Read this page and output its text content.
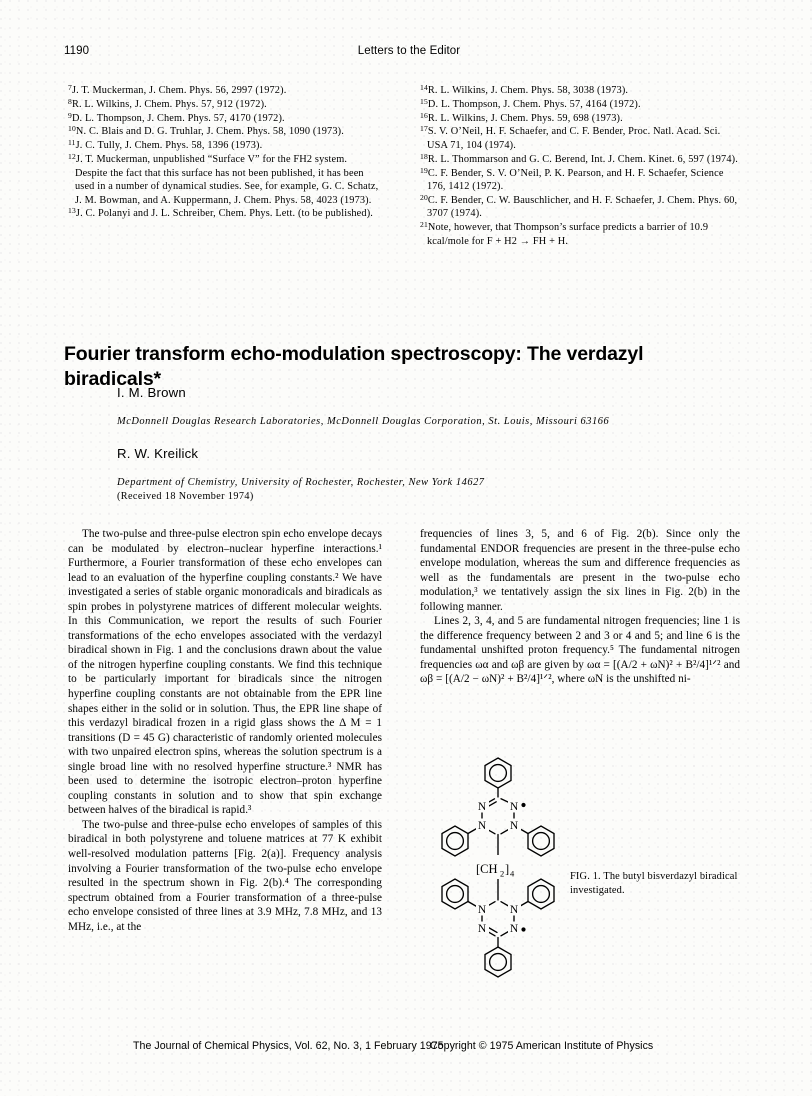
1190	Letters to the Editor
$^7$J. T. Muckerman, J. Chem. Phys. 56, 2997 (1972).
$^8$R. L. Wilkins, J. Chem. Phys. 57, 912 (1972).
$^9$D. L. Thompson, J. Chem. Phys. 57, 4170 (1972).
$^{10}$N. C. Blais and D. G. Truhlar, J. Chem. Phys. 58, 1090 (1973).
$^{11}$J. C. Tully, J. Chem. Phys. 58, 1396 (1973).
$^{12}$J. T. Muckerman, unpublished “Surface V” for the FH2 system. Despite the fact that this surface has not been published, it has been used in a number of dynamical studies. See, for example, G. C. Schatz, J. M. Bowman, and A. Kuppermann, J. Chem. Phys. 58, 4023 (1973).
$^{13}$J. C. Polanyi and J. L. Schreiber, Chem. Phys. Lett. (to be published).
$^{14}$R. L. Wilkins, J. Chem. Phys. 58, 3038 (1973).
$^{15}$D. L. Thompson, J. Chem. Phys. 57, 4164 (1972).
$^{16}$R. L. Wilkins, J. Chem. Phys. 59, 698 (1973).
$^{17}$S. V. O’Neil, H. F. Schaefer, and C. F. Bender, Proc. Natl. Acad. Sci. USA 71, 104 (1974).
$^{18}$R. L. Thommarson and G. C. Berend, Int. J. Chem. Kinet. 6, 597 (1974).
$^{19}$C. F. Bender, S. V. O’Neil, P. K. Pearson, and H. F. Schaefer, Science 176, 1412 (1972).
$^{20}$C. F. Bender, C. W. Bauschlicher, and H. F. Schaefer, J. Chem. Phys. 60, 3707 (1974).
$^{21}$Note, however, that Thompson’s surface predicts a barrier of 10.9 kcal/mole for F + H2 → FH + H.
Fourier transform echo-modulation spectroscopy: The verdazyl biradicals*
I. M. Brown
McDonnell Douglas Research Laboratories, McDonnell Douglas Corporation, St. Louis, Missouri 63166
R. W. Kreilick
Department of Chemistry, University of Rochester, Rochester, New York 14627
(Received 18 November 1974)

The two-pulse and three-pulse electron spin echo envelope decays can be modulated by electron–nuclear hyperfine interactions.¹ Furthermore, a Fourier transformation of these echo envelopes can lead to an evaluation of the hyperfine coupling constants.² We have investigated a series of stable organic monoradicals and biradicals as spin probes in polystyrene matrices of different molecular weights. In this Communication, we report the results of such Fourier transformations of the echo envelopes associated with the verdazyl biradical shown in Fig. 1 and the conclusions drawn about the value of the nitrogen hyperfine coupling constants. We find this technique to be particularly important for biradicals since the nitrogen hyperfine coupling constants are not obtainable from the EPR line shapes either in the solid or in solution. Thus, the EPR line shape of this verdazyl biradical frozen in a rigid glass shows the Δ M = 1 transitions (D = 45 G) characteristic of randomly oriented molecules with two unpaired electron spins, whereas the solution spectrum is a single broad line with no resolved hyperfine structure.³ NMR has been used to determine the isotropic electron–proton hyperfine coupling constants in solution and to show that spin exchange between halves of the biradical is rapid.³

The two-pulse and three-pulse echo envelopes of samples of this biradical in both polystyrene and toluene matrices at 77 K exhibit well-resolved modulation patterns [Fig. 2(a)]. Frequency analysis involving a Fourier transformation of the two-pulse echo envelope resulted in the spectrum shown in Fig. 2(b).⁴ The corresponding spectrum obtained from a Fourier transformation of a three-pulse echo envelope consisted of three lines at 3.9 MHz, 7.8 MHz, and 13 MHz, i.e., at the

frequencies of lines 3, 5, and 6 of Fig. 2(b). Since only the fundamental ENDOR frequencies are present in the three-pulse echo envelope modulation, whereas the sum and difference frequencies as well as the fundamentals are present in the two-pulse echo modulation,³ we tentatively assign the six lines in Fig. 2(b) in the following manner.

Lines 2, 3, 4, and 5 are fundamental nitrogen frequencies; line 1 is the difference frequency between 2 and 3 or 4 and 5; and line 6 is the fundamental unshifted proton frequency.⁵ The fundamental nitrogen frequencies ωα and ωβ are given by ωα = [(A/2 + ωN)² + B²/4]¹ᐟ² and ωβ = [(A/2 − ωN)² + B²/4]¹ᐟ², where ωN is the unshifted ni-

N
N
N
N
N
N
N
N
[CH 2 ] 4	FIG. 1. The butyl bisverdazyl biradical investigated.
The Journal of Chemical Physics, Vol. 62, No. 3, 1 February 1975
Copyright © 1975 American Institute of Physics
